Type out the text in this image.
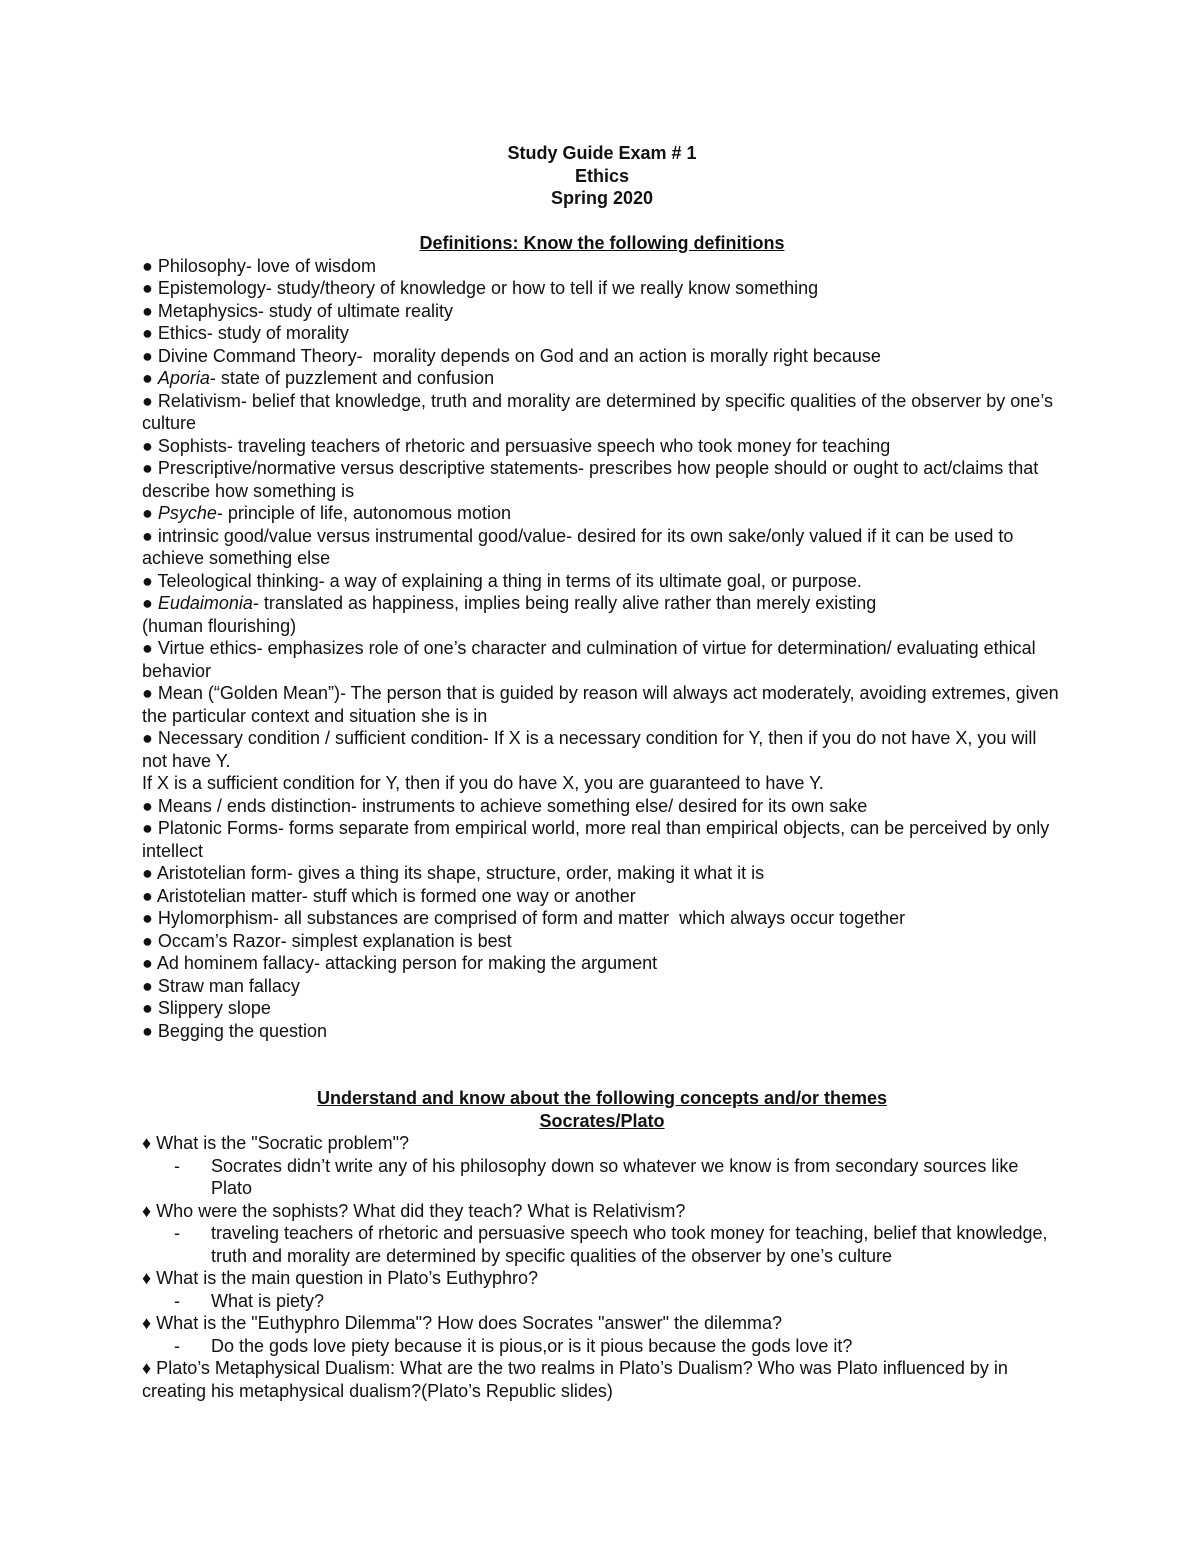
Study Guide Exam # 1
Ethics
Spring 2020
Definitions: Know the following definitions
● Philosophy- love of wisdom
● Epistemology- study/theory of knowledge or how to tell if we really know something
● Metaphysics- study of ultimate reality
● Ethics- study of morality
● Divine Command Theory-  morality depends on God and an action is morally right because
● Aporia- state of puzzlement and confusion
● Relativism- belief that knowledge, truth and morality are determined by specific qualities of the observer by one’s culture
● Sophists- traveling teachers of rhetoric and persuasive speech who took money for teaching
● Prescriptive/normative versus descriptive statements- prescribes how people should or ought to act/claims that describe how something is
● Psyche- principle of life, autonomous motion
● intrinsic good/value versus instrumental good/value- desired for its own sake/only valued if it can be used to achieve something else
● Teleological thinking- a way of explaining a thing in terms of its ultimate goal, or purpose.
● Eudaimonia- translated as happiness, implies being really alive rather than merely existing
(human flourishing)
● Virtue ethics- emphasizes role of one’s character and culmination of virtue for determination/ evaluating ethical behavior
● Mean (“Golden Mean”)- The person that is guided by reason will always act moderately, avoiding extremes, given the particular context and situation she is in
● Necessary condition / sufficient condition- If X is a necessary condition for Y, then if you do not have X, you will not have Y.
If X is a sufficient condition for Y, then if you do have X, you are guaranteed to have Y.
● Means / ends distinction- instruments to achieve something else/ desired for its own sake
● Platonic Forms- forms separate from empirical world, more real than empirical objects, can be perceived by only intellect
● Aristotelian form- gives a thing its shape, structure, order, making it what it is
● Aristotelian matter- stuff which is formed one way or another
● Hylomorphism- all substances are comprised of form and matter  which always occur together
● Occam’s Razor- simplest explanation is best
● Ad hominem fallacy- attacking person for making the argument
● Straw man fallacy
● Slippery slope
● Begging the question
Understand and know about the following concepts and/or themes
Socrates/Plato
♦ What is the "Socratic problem"?
- Socrates didn’t write any of his philosophy down so whatever we know is from secondary sources like Plato
♦ Who were the sophists? What did they teach? What is Relativism?
- traveling teachers of rhetoric and persuasive speech who took money for teaching, belief that knowledge, truth and morality are determined by specific qualities of the observer by one’s culture
♦ What is the main question in Plato’s Euthyphro?
- What is piety?
♦ What is the "Euthyphro Dilemma"? How does Socrates "answer" the dilemma?
- Do the gods love piety because it is pious,or is it pious because the gods love it?
♦ Plato’s Metaphysical Dualism: What are the two realms in Plato’s Dualism? Who was Plato influenced by in creating his metaphysical dualism?(Plato’s Republic slides)
